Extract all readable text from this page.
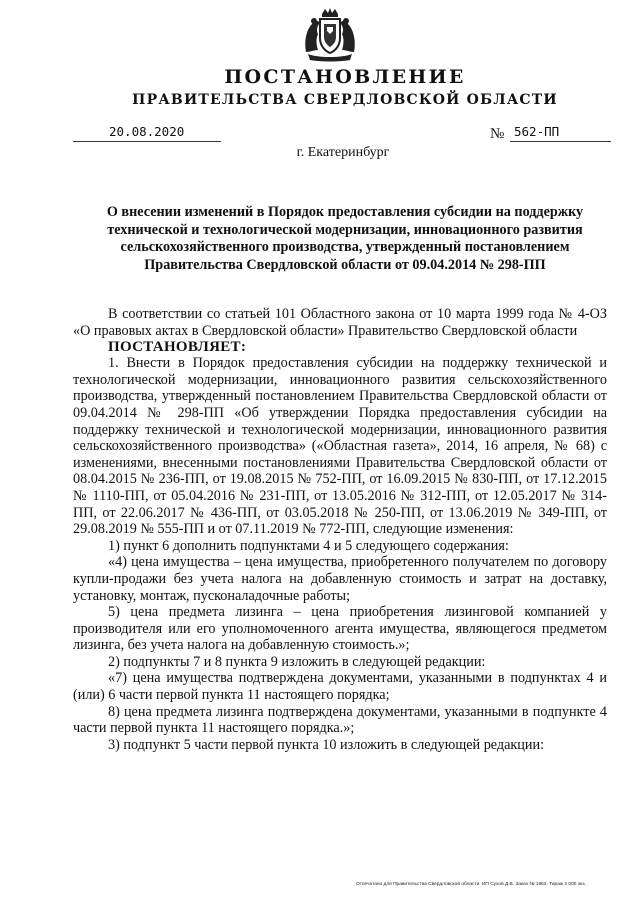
ПОСТАНОВЛЕНИЕ
ПРАВИТЕЛЬСТВА СВЕРДЛОВСКОЙ ОБЛАСТИ
20.08.2020	№ 562-ПП
г. Екатеринбург
О внесении изменений в Порядок предоставления субсидии на поддержку технической и технологической модернизации, инновационного развития сельскохозяйственного производства, утвержденный постановлением Правительства Свердловской области от 09.04.2014 № 298-ПП

В соответствии со статьей 101 Областного закона от 10 марта 1999 года № 4-ОЗ «О правовых актах в Свердловской области» Правительство Свердловской области

ПОСТАНОВЛЯЕТ:

1. Внести в Порядок предоставления субсидии на поддержку технической и технологической модернизации, инновационного развития сельскохозяйственного производства, утвержденный постановлением Правительства Свердловской области от 09.04.2014 № 298-ПП «Об утверждении Порядка предоставления субсидии на поддержку технической и технологической модернизации, инновационного развития сельскохозяйственного производства» («Областная газета», 2014, 16 апреля, № 68) с изменениями, внесенными постановлениями Правительства Свердловской области от 08.04.2015 № 236-ПП, от 19.08.2015 № 752-ПП, от 16.09.2015 № 830-ПП, от 17.12.2015 № 1110-ПП, от 05.04.2016 № 231-ПП, от 13.05.2016 № 312-ПП, от 12.05.2017 № 314-ПП, от 22.06.2017 № 436-ПП, от 03.05.2018 № 250-ПП, от 13.06.2019 № 349-ПП, от 29.08.2019 № 555-ПП и от 07.11.2019 № 772-ПП, следующие изменения:

1) пункт 6 дополнить подпунктами 4 и 5 следующего содержания:

«4) цена имущества – цена имущества, приобретенного получателем по договору купли-продажи без учета налога на добавленную стоимость и затрат на доставку, установку, монтаж, пусконаладочные работы;

5) цена предмета лизинга – цена приобретения лизинговой компанией у производителя или его уполномоченного агента имущества, являющегося предметом лизинга, без учета налога на добавленную стоимость.»;

2) подпункты 7 и 8 пункта 9 изложить в следующей редакции:

«7) цена имущества подтверждена документами, указанными в подпунктах 4 и (или) 6 части первой пункта 11 настоящего порядка;

8) цена предмета лизинга подтверждена документами, указанными в подпункте 4 части первой пункта 11 настоящего порядка.»;

3) подпункт 5 части первой пункта 10 изложить в следующей редакции:

Отпечатано для Правительства Свердловской области. ИП Сухов Д.В. Заказ № 1963. Тираж 2 000 экз.
